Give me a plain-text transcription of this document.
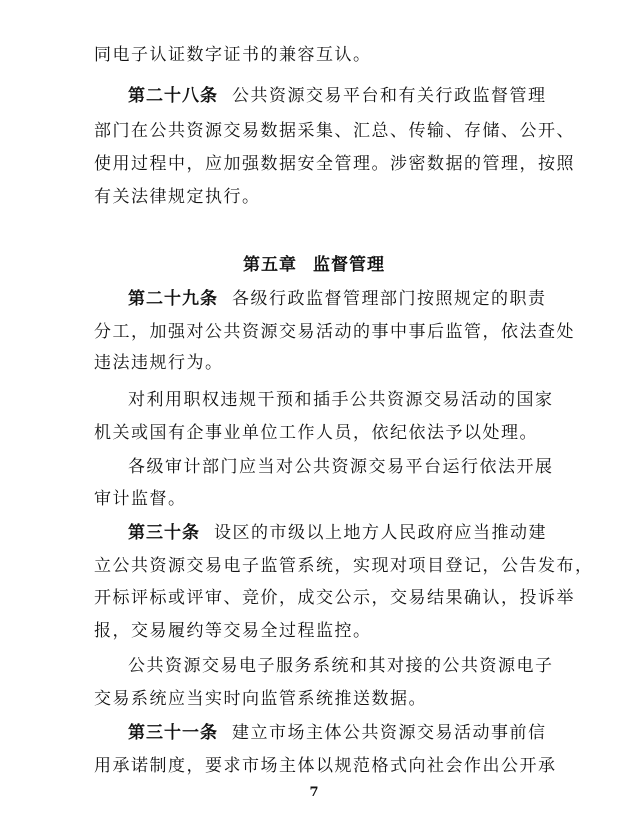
同电子认证数字证书的兼容互认。
第二十八条 公共资源交易平台和有关行政监督管理
部门在公共资源交易数据采集、汇总、传输、存储、公开、
使用过程中，应加强数据安全管理。涉密数据的管理，按照
有关法律规定执行。
第五章 监督管理
第二十九条 各级行政监督管理部门按照规定的职责
分工，加强对公共资源交易活动的事中事后监管，依法查处
违法违规行为。
对利用职权违规干预和插手公共资源交易活动的国家
机关或国有企事业单位工作人员，依纪依法予以处理。
各级审计部门应当对公共资源交易平台运行依法开展
审计监督。
第三十条 设区的市级以上地方人民政府应当推动建
立公共资源交易电子监管系统，实现对项目登记，公告发布，
开标评标或评审、竞价，成交公示，交易结果确认，投诉举
报，交易履约等交易全过程监控。
公共资源交易电子服务系统和其对接的公共资源电子
交易系统应当实时向监管系统推送数据。
第三十一条 建立市场主体公共资源交易活动事前信
用承诺制度，要求市场主体以规范格式向社会作出公开承
7
